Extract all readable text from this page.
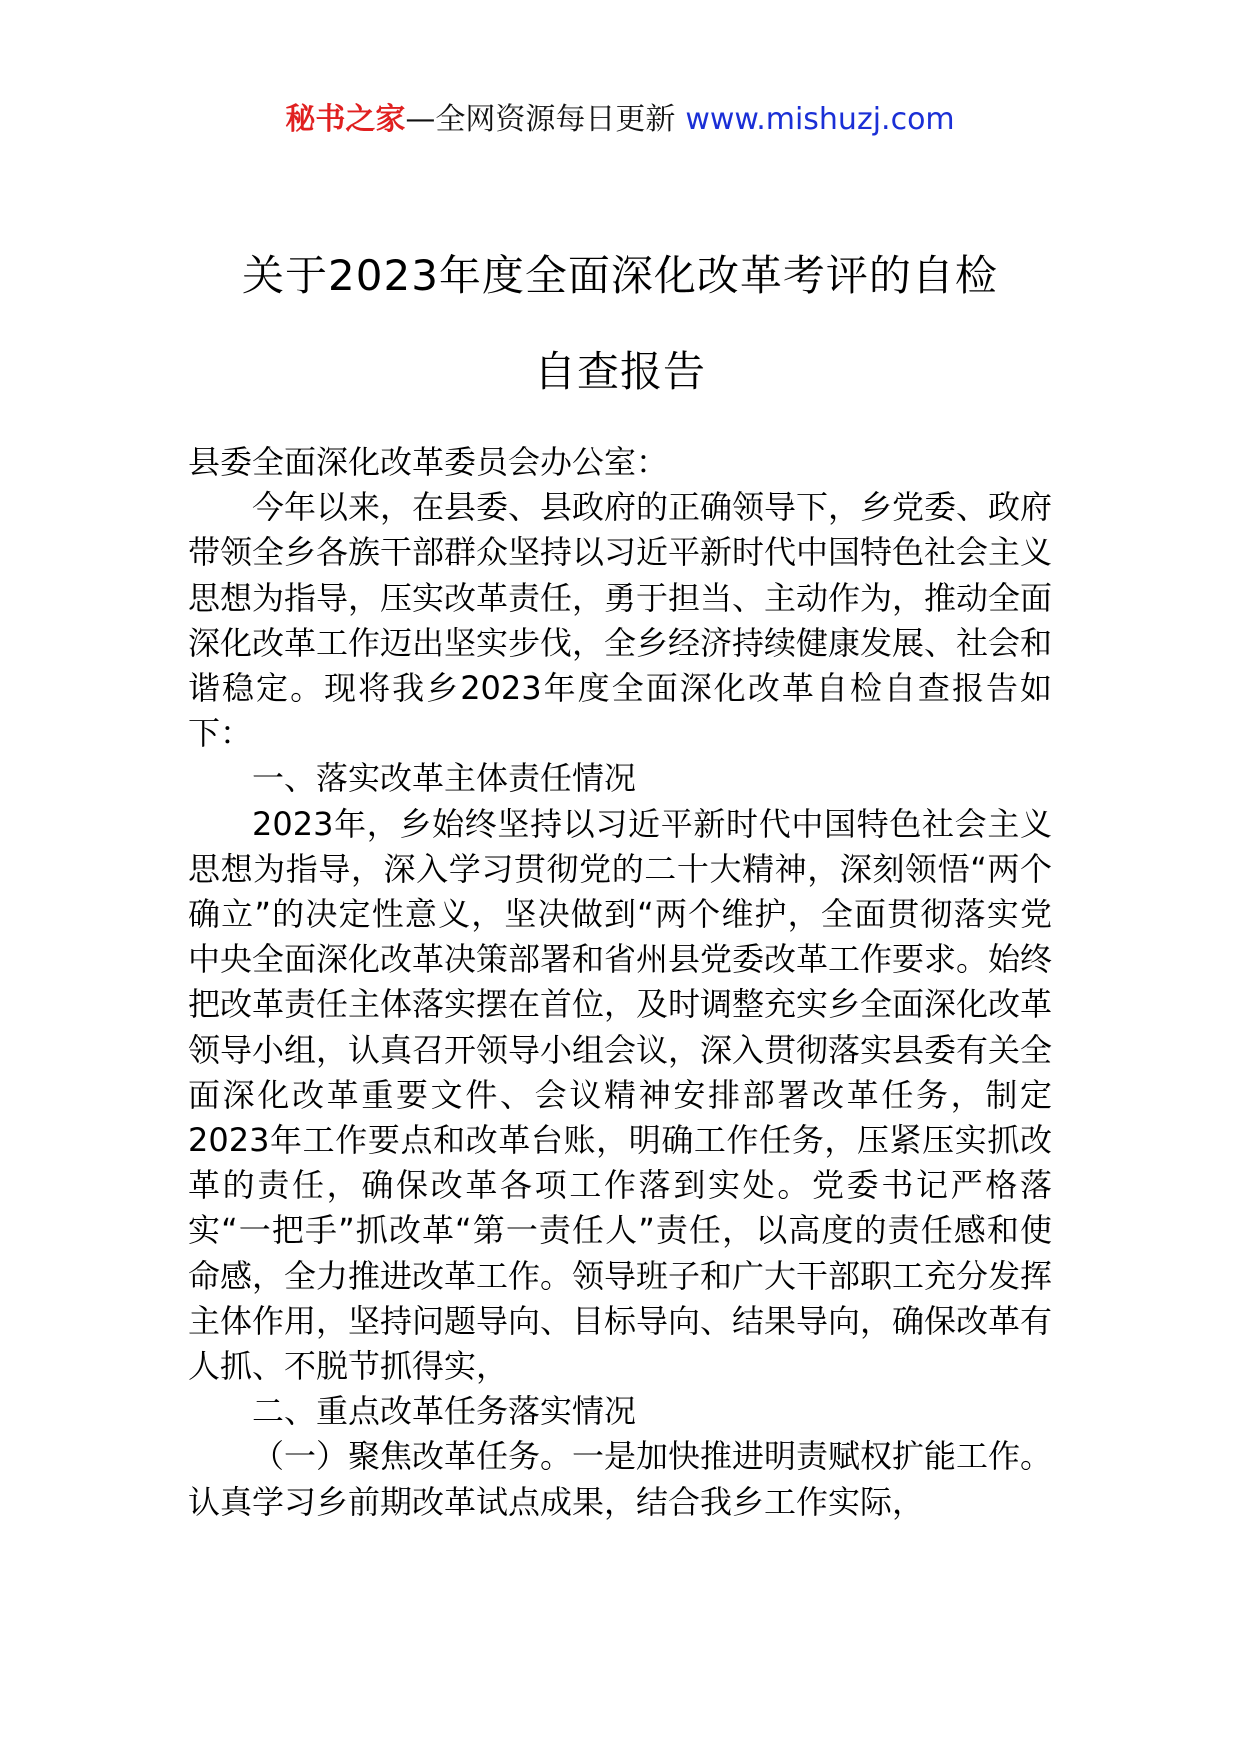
秘书之家—全网资源每日更新 www.mishuzj.com
关于2023年度全面深化改革考评的自检
自查报告

县委全面深化改革委员会办公室：

今年以来，在县委、县政府的正确领导下，乡党委、政府带领全乡各族干部群众坚持以习近平新时代中国特色社会主义思想为指导，压实改革责任，勇于担当、主动作为，推动全面深化改革工作迈出坚实步伐，全乡经济持续健康发展、社会和谐稳定。现将我乡2023年度全面深化改革自检自查报告如下：

一、落实改革主体责任情况

2023年，乡始终坚持以习近平新时代中国特色社会主义思想为指导，深入学习贯彻党的二十大精神，深刻领悟“两个确立”的决定性意义，坚决做到“两个维护，全面贯彻落实党中央全面深化改革决策部署和省州县党委改革工作要求。始终把改革责任主体落实摆在首位，及时调整充实乡全面深化改革领导小组，认真召开领导小组会议，深入贯彻落实县委有关全面深化改革重要文件、会议精神安排部署改革任务，制定2023年工作要点和改革台账，明确工作任务，压紧压实抓改革的责任，确保改革各项工作落到实处。党委书记严格落实“一把手”抓改革“第一责任人”责任，以高度的责任感和使命感，全力推进改革工作。领导班子和广大干部职工充分发挥主体作用，坚持问题导向、目标导向、结果导向，确保改革有人抓、不脱节抓得实，

二、重点改革任务落实情况

（一）聚焦改革任务。一是加快推进明责赋权扩能工作。认真学习乡前期改革试点成果，结合我乡工作实际，
